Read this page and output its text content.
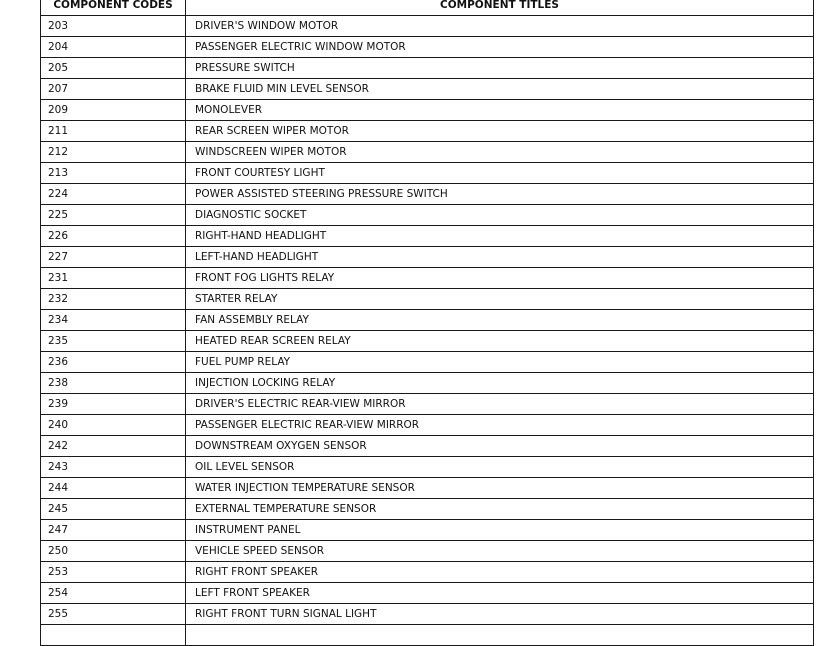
COMPONENT CODES	COMPONENT TITLES
203	DRIVER'S WINDOW MOTOR
204	PASSENGER ELECTRIC WINDOW MOTOR
205	PRESSURE SWITCH
207	BRAKE FLUID MIN LEVEL SENSOR
209	MONOLEVER
211	REAR SCREEN WIPER MOTOR
212	WINDSCREEN WIPER MOTOR
213	FRONT COURTESY LIGHT
224	POWER ASSISTED STEERING PRESSURE SWITCH
225	DIAGNOSTIC SOCKET
226	RIGHT-HAND HEADLIGHT
227	LEFT-HAND HEADLIGHT
231	FRONT FOG LIGHTS RELAY
232	STARTER RELAY
234	FAN ASSEMBLY RELAY
235	HEATED REAR SCREEN RELAY
236	FUEL PUMP RELAY
238	INJECTION LOCKING RELAY
239	DRIVER'S ELECTRIC REAR-VIEW MIRROR
240	PASSENGER ELECTRIC REAR-VIEW MIRROR
242	DOWNSTREAM OXYGEN SENSOR
243	OIL LEVEL SENSOR
244	WATER INJECTION TEMPERATURE SENSOR
245	EXTERNAL TEMPERATURE SENSOR
247	INSTRUMENT PANEL
250	VEHICLE SPEED SENSOR
253	RIGHT FRONT SPEAKER
254	LEFT FRONT SPEAKER
255	RIGHT FRONT TURN SIGNAL LIGHT
